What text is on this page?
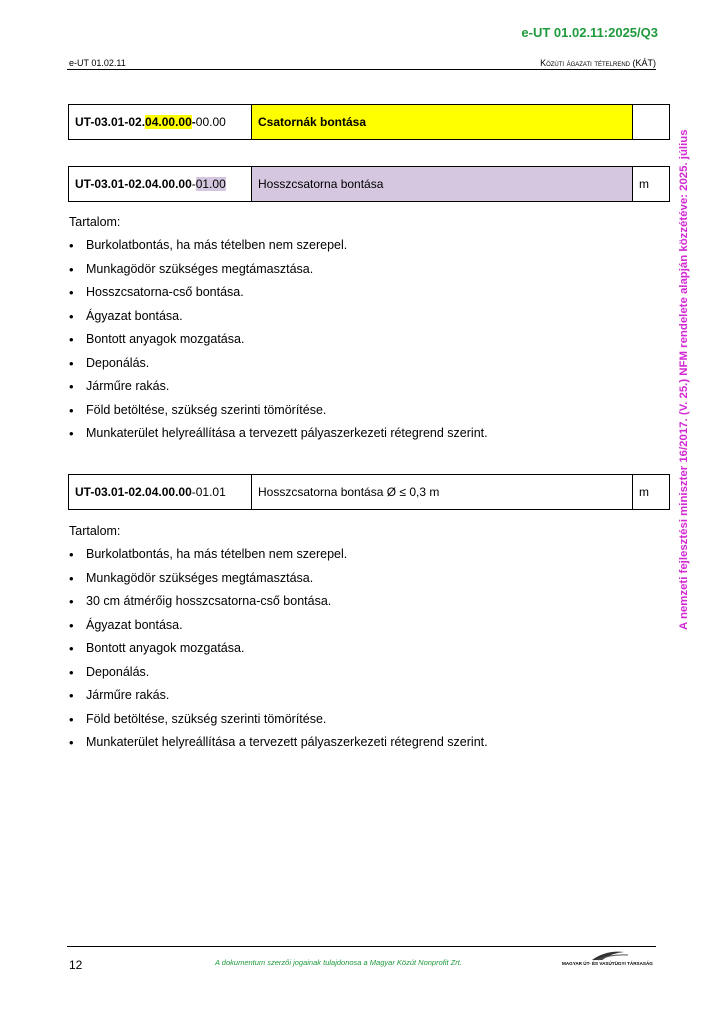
e-UT 01.02.11:2025/Q3
e-UT 01.02.11	Közúti ágazati tételrend (KÁT)
A nemzeti fejlesztési miniszter 16/2017. (V. 25.) NFM rendelete alapján közzétéve: 2025. július
UT-03.01-02.04.00.00-00.00	Csatornák bontása	
UT-03.01-02.04.00.00-01.00	Hosszcsatorna bontása	m
Tartalom:
• Burkolatbontás, ha más tételben nem szerepel.
• Munkagödör szükséges megtámasztása.
• Hosszcsatorna-cső bontása.
• Ágyazat bontása.
• Bontott anyagok mozgatása.
• Deponálás.
• Járműre rakás.
• Föld betöltése, szükség szerinti tömörítése.
• Munkaterület helyreállítása a tervezett pályaszerkezeti rétegrend szerint.
UT-03.01-02.04.00.00-01.01	Hosszcsatorna bontása Ø ≤ 0,3 m	m
Tartalom:
• Burkolatbontás, ha más tételben nem szerepel.
• Munkagödör szükséges megtámasztása.
• 30 cm átmérőig hosszcsatorna-cső bontása.
• Ágyazat bontása.
• Bontott anyagok mozgatása.
• Deponálás.
• Járműre rakás.
• Föld betöltése, szükség szerinti tömörítése.
• Munkaterület helyreállítása a tervezett pályaszerkezeti rétegrend szerint.
12	A dokumentum szerzői jogainak tulajdonosa a Magyar Közút Nonprofit Zrt.	MAGYAR ÚT- ÉS VASÚTÜGYI TÁRSASÁG
